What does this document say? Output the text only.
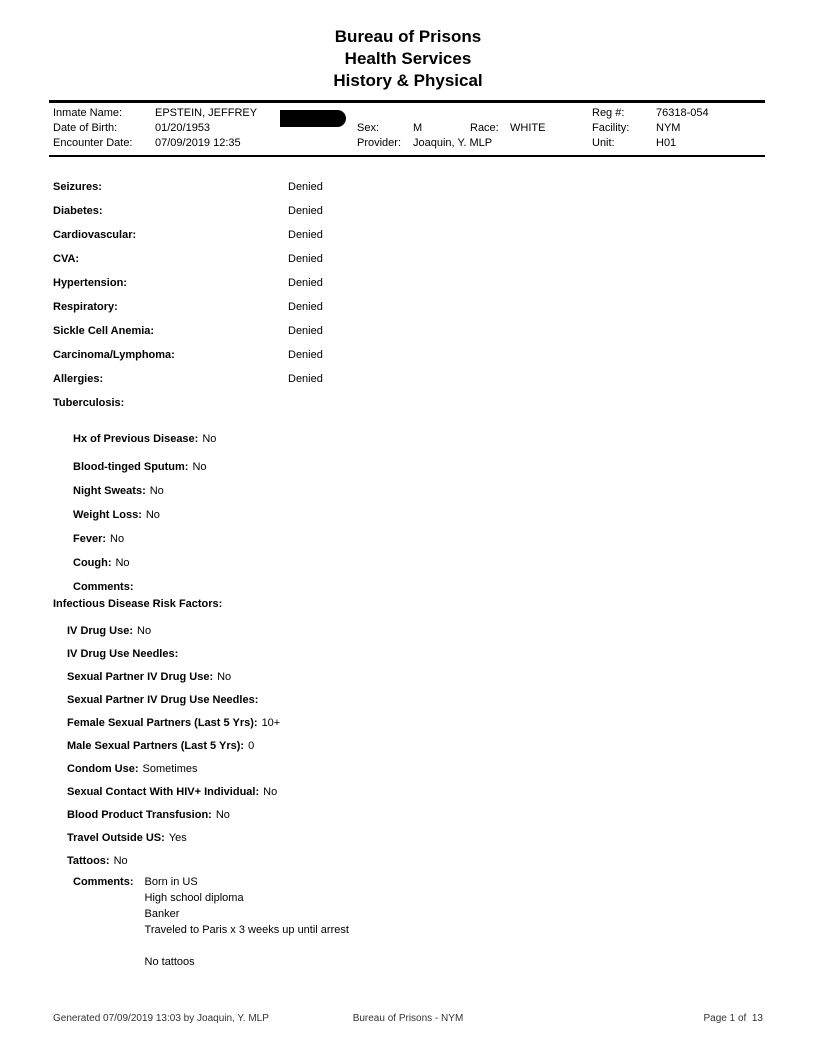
Bureau of Prisons
Health Services
History & Physical
Inmate Name:	EPSTEIN, JEFFREY	Reg #:	76318-054
Date of Birth:	01/20/1953	Sex:	M	Race: WHITE	Facility: NYM
Encounter Date: 07/09/2019 12:35	Provider: Joaquin, Y. MLP	Unit:	H01
Seizures:	Denied
Diabetes:	Denied
Cardiovascular:	Denied
CVA:	Denied
Hypertension:	Denied
Respiratory:	Denied
Sickle Cell Anemia:	Denied
Carcinoma/Lymphoma:	Denied
Allergies:	Denied
Tuberculosis:
Hx of Previous Disease: No
Blood-tinged Sputum: No
Night Sweats: No
Weight Loss: No
Fever: No
Cough: No
Comments:
Infectious Disease Risk Factors:
IV Drug Use: No
IV Drug Use Needles:
Sexual Partner IV Drug Use: No
Sexual Partner IV Drug Use Needles:
Female Sexual Partners (Last 5 Yrs): 10+
Male Sexual Partners (Last 5 Yrs): 0
Condom Use: Sometimes
Sexual Contact With HIV+ Individual: No
Blood Product Transfusion: No
Travel Outside US: Yes
Tattoos: No
Comments: Born in US
High school diploma
Banker
Traveled to Paris x 3 weeks up until arrest
No tattoos
Bureau of Prisons - NYM
Generated 07/09/2019 13:03 by Joaquin, Y. MLP	Page 1 of  13
